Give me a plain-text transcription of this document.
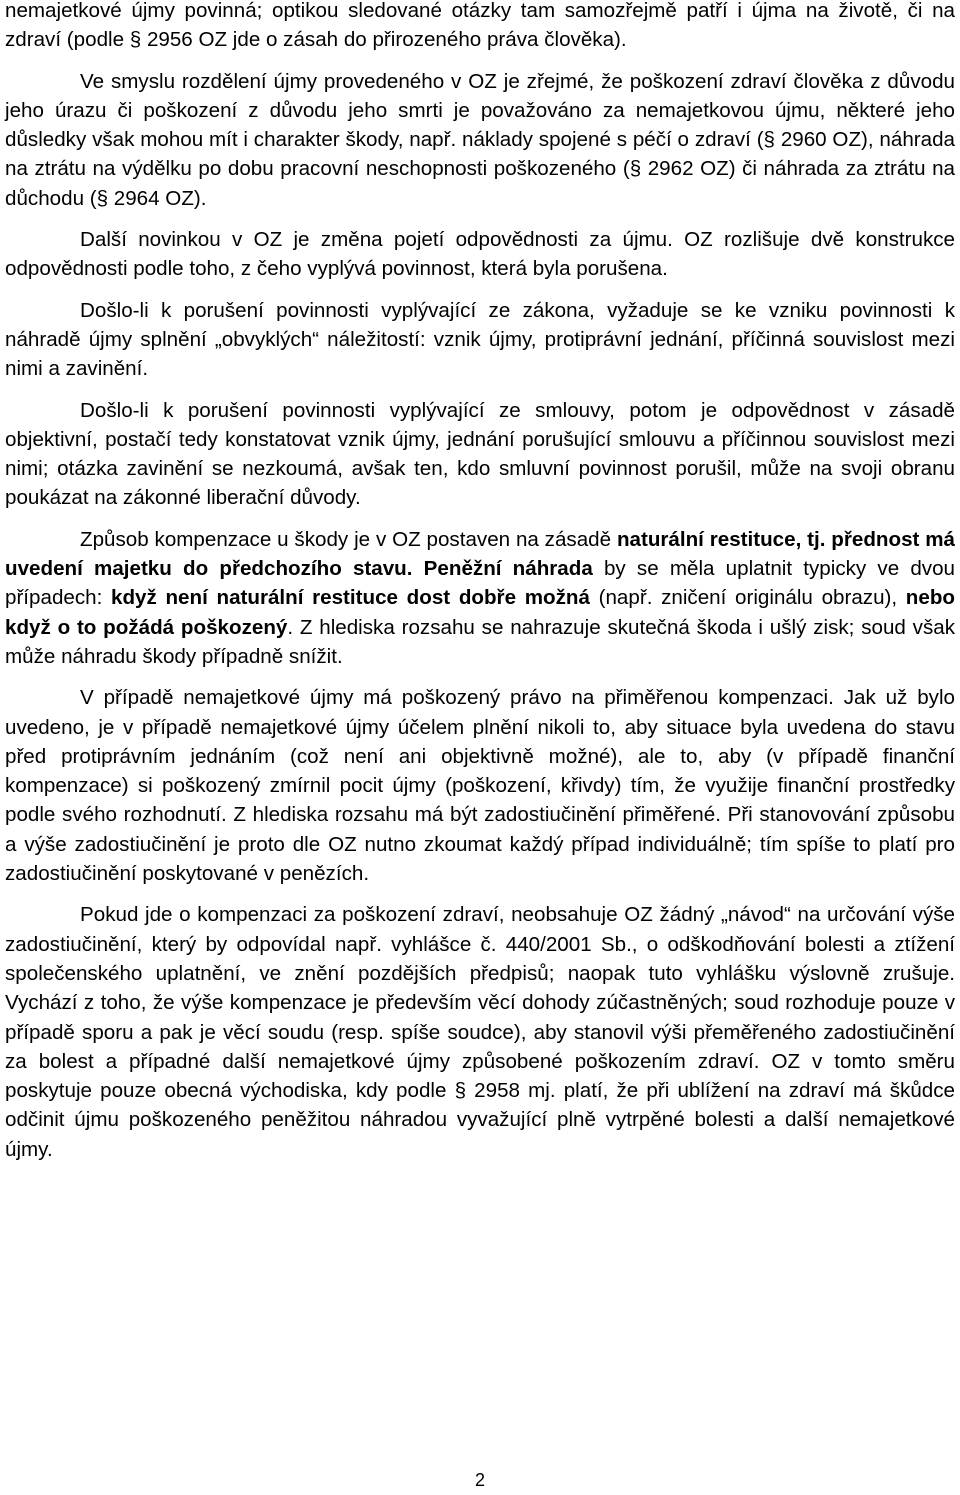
nemajetkové újmy povinná; optikou sledované otázky tam samozřejmě patří i újma na životě, či na zdraví (podle § 2956 OZ jde o zásah do přirozeného práva člověka).

Ve smyslu rozdělení újmy provedeného v OZ je zřejmé, že poškození zdraví člověka z důvodu jeho úrazu či poškození z důvodu jeho smrti je považováno za nemajetkovou újmu, některé jeho důsledky však mohou mít i charakter škody, např. náklady spojené s péčí o zdraví (§ 2960 OZ), náhrada na ztrátu na výdělku po dobu pracovní neschopnosti poškozeného (§ 2962 OZ) či náhrada za ztrátu na důchodu (§ 2964 OZ).

Další novinkou v OZ je změna pojetí odpovědnosti za újmu. OZ rozlišuje dvě konstrukce odpovědnosti podle toho, z čeho vyplývá povinnost, která byla porušena.

Došlo-li k porušení povinnosti vyplývající ze zákona, vyžaduje se ke vzniku povinnosti k náhradě újmy splnění „obvyklých“ náležitostí: vznik újmy, protiprávní jednání, příčinná souvislost mezi nimi a zavinění.

Došlo-li k porušení povinnosti vyplývající ze smlouvy, potom je odpovědnost v zásadě objektivní, postačí tedy konstatovat vznik újmy, jednání porušující smlouvu a příčinnou souvislost mezi nimi; otázka zavinění se nezkoumá, avšak ten, kdo smluvní povinnost porušil, může na svoji obranu poukázat na zákonné liberační důvody.

Způsob kompenzace u škody je v OZ postaven na zásadě naturální restituce, tj. přednost má uvedení majetku do předchozího stavu. Peněžní náhrada by se měla uplatnit typicky ve dvou případech: když není naturální restituce dost dobře možná (např. zničení originálu obrazu), nebo když o to požádá poškozený. Z hlediska rozsahu se nahrazuje skutečná škoda i ušlý zisk; soud však může náhradu škody případně snížit.

V případě nemajetkové újmy má poškozený právo na přiměřenou kompenzaci. Jak už bylo uvedeno, je v případě nemajetkové újmy účelem plnění nikoli to, aby situace byla uvedena do stavu před protiprávním jednáním (což není ani objektivně možné), ale to, aby (v případě finanční kompenzace) si poškozený zmírnil pocit újmy (poškození, křivdy) tím, že využije finanční prostředky podle svého rozhodnutí. Z hlediska rozsahu má být zadostiučinění přiměřené. Při stanovování způsobu a výše zadostiučinění je proto dle OZ nutno zkoumat každý případ individuálně; tím spíše to platí pro zadostiučinění poskytované v penězích.

Pokud jde o kompenzaci za poškození zdraví, neobsahuje OZ žádný „návod“ na určování výše zadostiučinění, který by odpovídal např. vyhlášce č. 440/2001 Sb., o odškodňování bolesti a ztížení společenského uplatnění, ve znění pozdějších předpisů; naopak tuto vyhlášku výslovně zrušuje. Vychází z toho, že výše kompenzace je především věcí dohody zúčastněných; soud rozhoduje pouze v případě sporu a pak je věcí soudu (resp. spíše soudce), aby stanovil výši přeměřeného zadostiučinění za bolest a případné další nemajetkové újmy způsobené poškozením zdraví. OZ v tomto směru poskytuje pouze obecná východiska, kdy podle § 2958 mj. platí, že při ublížení na zdraví má škůdce odčinit újmu poškozeného peněžitou náhradou vyvažující plně vytrpěné bolesti a další nemajetkové újmy.

2
